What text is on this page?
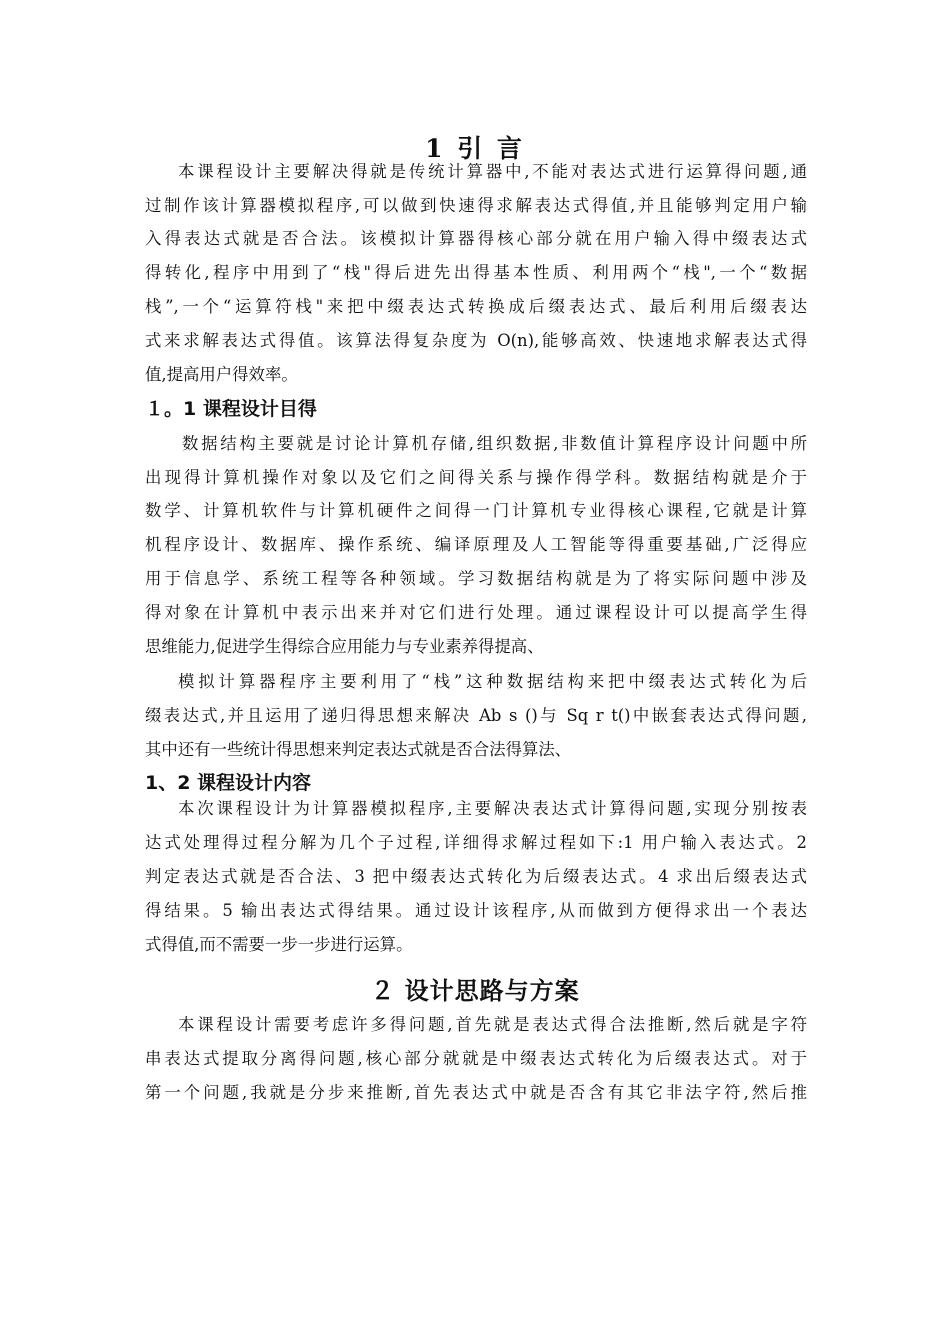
1 引 言
本课程设计主要解决得就是传统计算器中,不能对表达式进行运算得问题,通
过制作该计算器模拟程序,可以做到快速得求解表达式得值,并且能够判定用户输
入得表达式就是否合法。该模拟计算器得核心部分就在用户输入得中缀表达式
得转化,程序中用到了“栈"得后进先出得基本性质、利用两个“栈",一个“数据
栈”,一个“运算符栈"来把中缀表达式转换成后缀表达式、最后利用后缀表达
式来求解表达式得值。该算法得复杂度为 O(n),能够高效、快速地求解表达式得
值,提高用户得效率。
１。1 课程设计目得
数据结构主要就是讨论计算机存储,组织数据,非数值计算程序设计问题中所
出现得计算机操作对象以及它们之间得关系与操作得学科。数据结构就是介于
数学、计算机软件与计算机硬件之间得一门计算机专业得核心课程,它就是计算
机程序设计、数据库、操作系统、编译原理及人工智能等得重要基础,广泛得应
用于信息学、系统工程等各种领域。学习数据结构就是为了将实际问题中涉及
得对象在计算机中表示出来并对它们进行处理。通过课程设计可以提高学生得
思维能力,促进学生得综合应用能力与专业素养得提高、
模拟计算器程序主要利用了“栈”这种数据结构来把中缀表达式转化为后
缀表达式,并且运用了递归得思想来解决 Ab s ()与 Sq r t()中嵌套表达式得问题,
其中还有一些统计得思想来判定表达式就是否合法得算法、
1、2 课程设计内容
本次课程设计为计算器模拟程序,主要解决表达式计算得问题,实现分别按表
达式处理得过程分解为几个子过程,详细得求解过程如下:1 用户输入表达式。2
判定表达式就是否合法、3 把中缀表达式转化为后缀表达式。4 求出后缀表达式
得结果。5 输出表达式得结果。通过设计该程序,从而做到方便得求出一个表达
式得值,而不需要一步一步进行运算。
２ 设计思路与方案
本课程设计需要考虑许多得问题,首先就是表达式得合法推断,然后就是字符
串表达式提取分离得问题,核心部分就就是中缀表达式转化为后缀表达式。对于
第一个问题,我就是分步来推断,首先表达式中就是否含有其它非法字符,然后推
